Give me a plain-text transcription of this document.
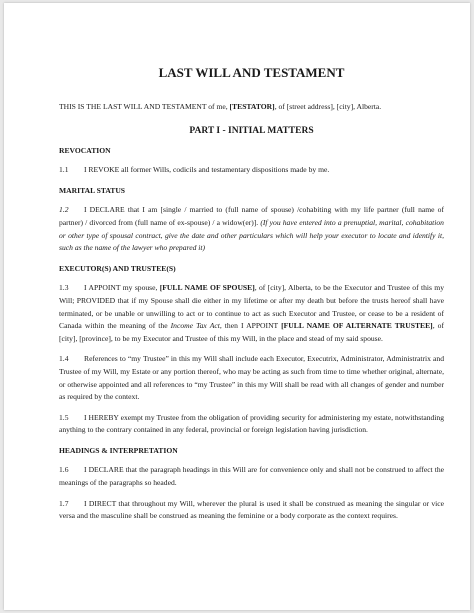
LAST WILL AND TESTAMENT

THIS IS THE LAST WILL AND TESTAMENT of me, [TESTATOR], of [street address], [city], Alberta.

PART I - INITIAL MATTERS
REVOCATION

1.1 I REVOKE all former Wills, codicils and testamentary dispositions made by me.

MARITAL STATUS

1.2 I DECLARE that I am [single / married to (full name of spouse) /cohabiting with my life partner (full name of partner) / divorced from (full name of ex-spouse) / a widow(er)]. (If you have entered into a prenuptial, marital, cohabitation or other type of spousal contract, give the date and other particulars which will help your executor to locate and identify it, such as the name of the lawyer who prepared it)

EXECUTOR(S) AND TRUSTEE(S)

1.3 I APPOINT my spouse, [FULL NAME OF SPOUSE], of [city], Alberta, to be the Executor and Trustee of this my Will; PROVIDED that if my Spouse shall die either in my lifetime or after my death but before the trusts hereof shall have terminated, or be unable or unwilling to act or to continue to act as such Executor and Trustee, or cease to be a resident of Canada within the meaning of the Income Tax Act, then I APPOINT [FULL NAME OF ALTERNATE TRUSTEE], of [city], [province], to be my Executor and Trustee of this my Will, in the place and stead of my said spouse.

1.4 References to “my Trustee” in this my Will shall include each Executor, Executrix, Administrator, Administratrix and Trustee of my Will, my Estate or any portion thereof, who may be acting as such from time to time whether original, alternate, or otherwise appointed and all references to “my Trustee” in this my Will shall be read with all changes of gender and number as required by the context.

1.5 I HEREBY exempt my Trustee from the obligation of providing security for administering my estate, notwithstanding anything to the contrary contained in any federal, provincial or foreign legislation having jurisdiction.

HEADINGS & INTERPRETATION

1.6 I DECLARE that the paragraph headings in this Will are for convenience only and shall not be construed to affect the meanings of the paragraphs so headed.

1.7 I DIRECT that throughout my Will, wherever the plural is used it shall be construed as meaning the singular or vice versa and the masculine shall be construed as meaning the feminine or a body corporate as the context requires.
